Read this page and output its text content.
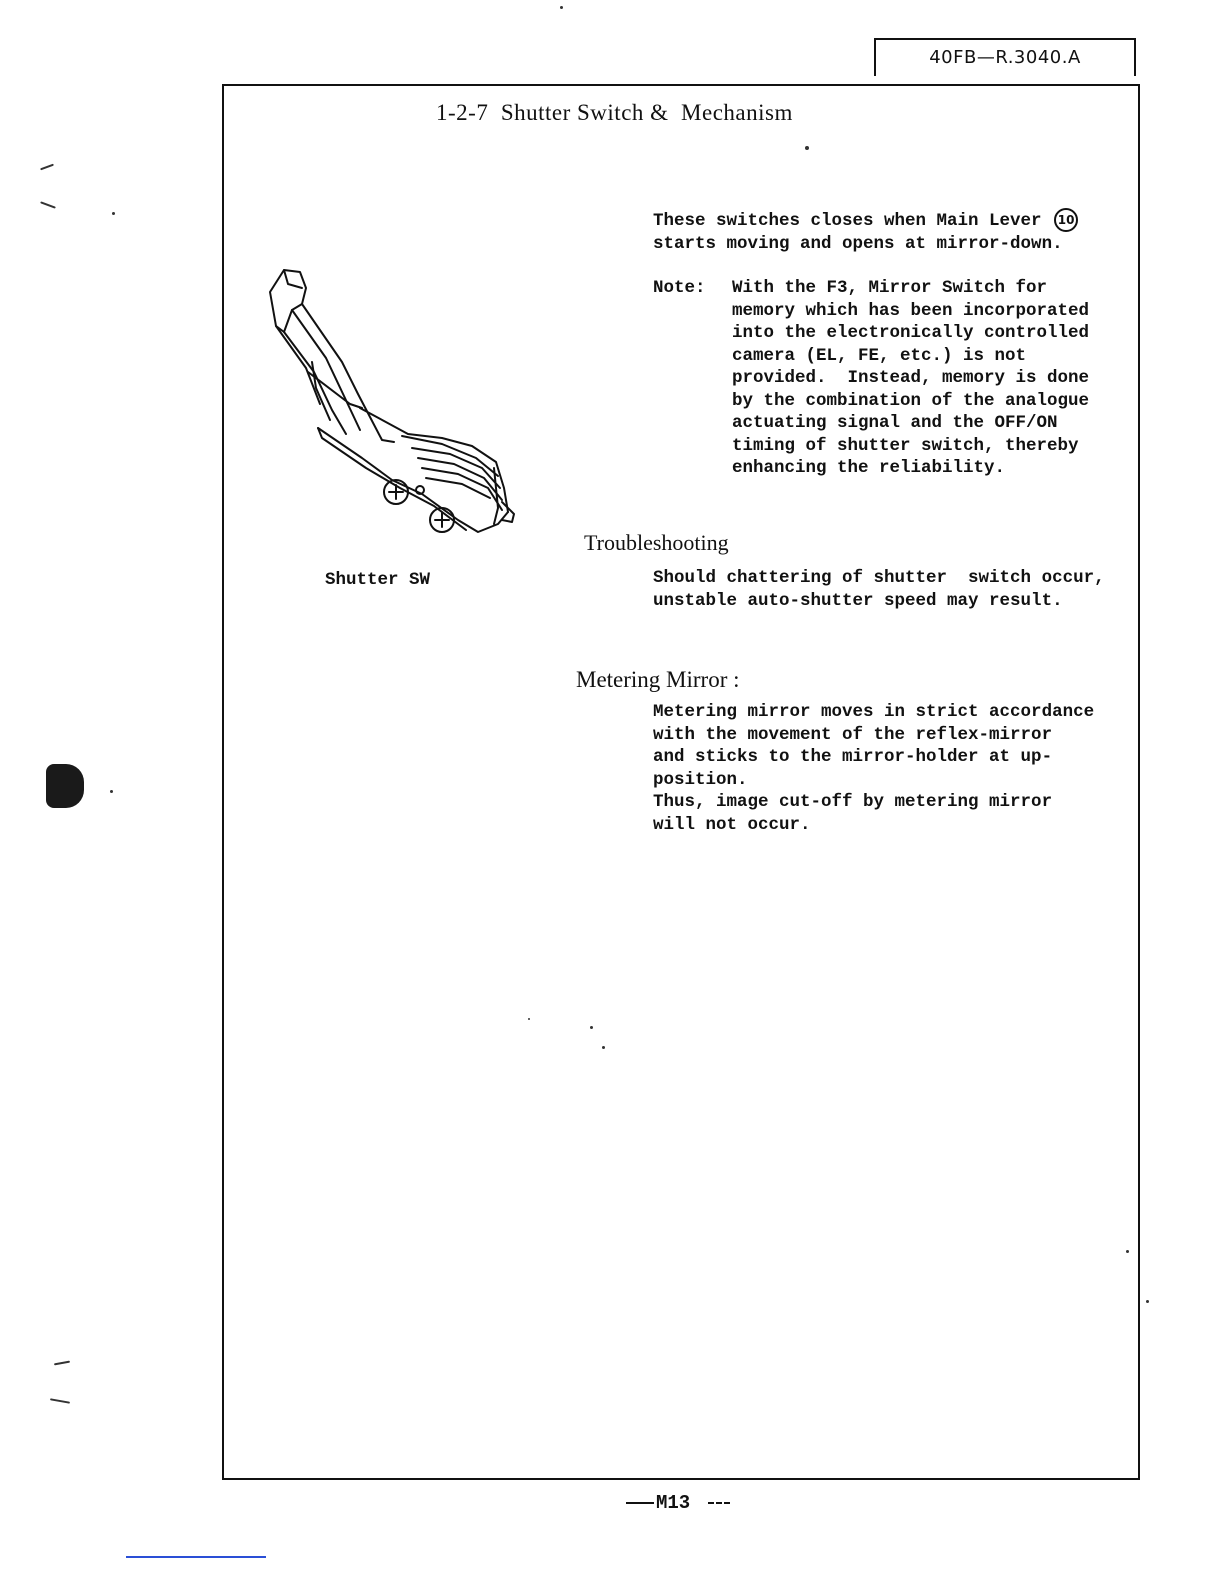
40FB—R.3040.A
1-2-7  Shutter Switch &  Mechanism
These switches closes when Main Lever 10
starts moving and opens at mirror-down.
Note: With the F3, Mirror Switch for
memory which has been incorporated
into the electronically controlled
camera (EL, FE, etc.) is not
provided.  Instead, memory is done
by the combination of the analogue
actuating signal and the OFF/ON
timing of shutter switch, thereby
enhancing the reliability.

Shutter SW
Troubleshooting

Should chattering of shutter  switch occur,
unstable auto-shutter speed may result.

Metering Mirror :

Metering mirror moves in strict accordance
with the movement of the reflex-mirror
and sticks to the mirror-holder at up-
position.
Thus, image cut-off by metering mirror
will not occur.

M13
